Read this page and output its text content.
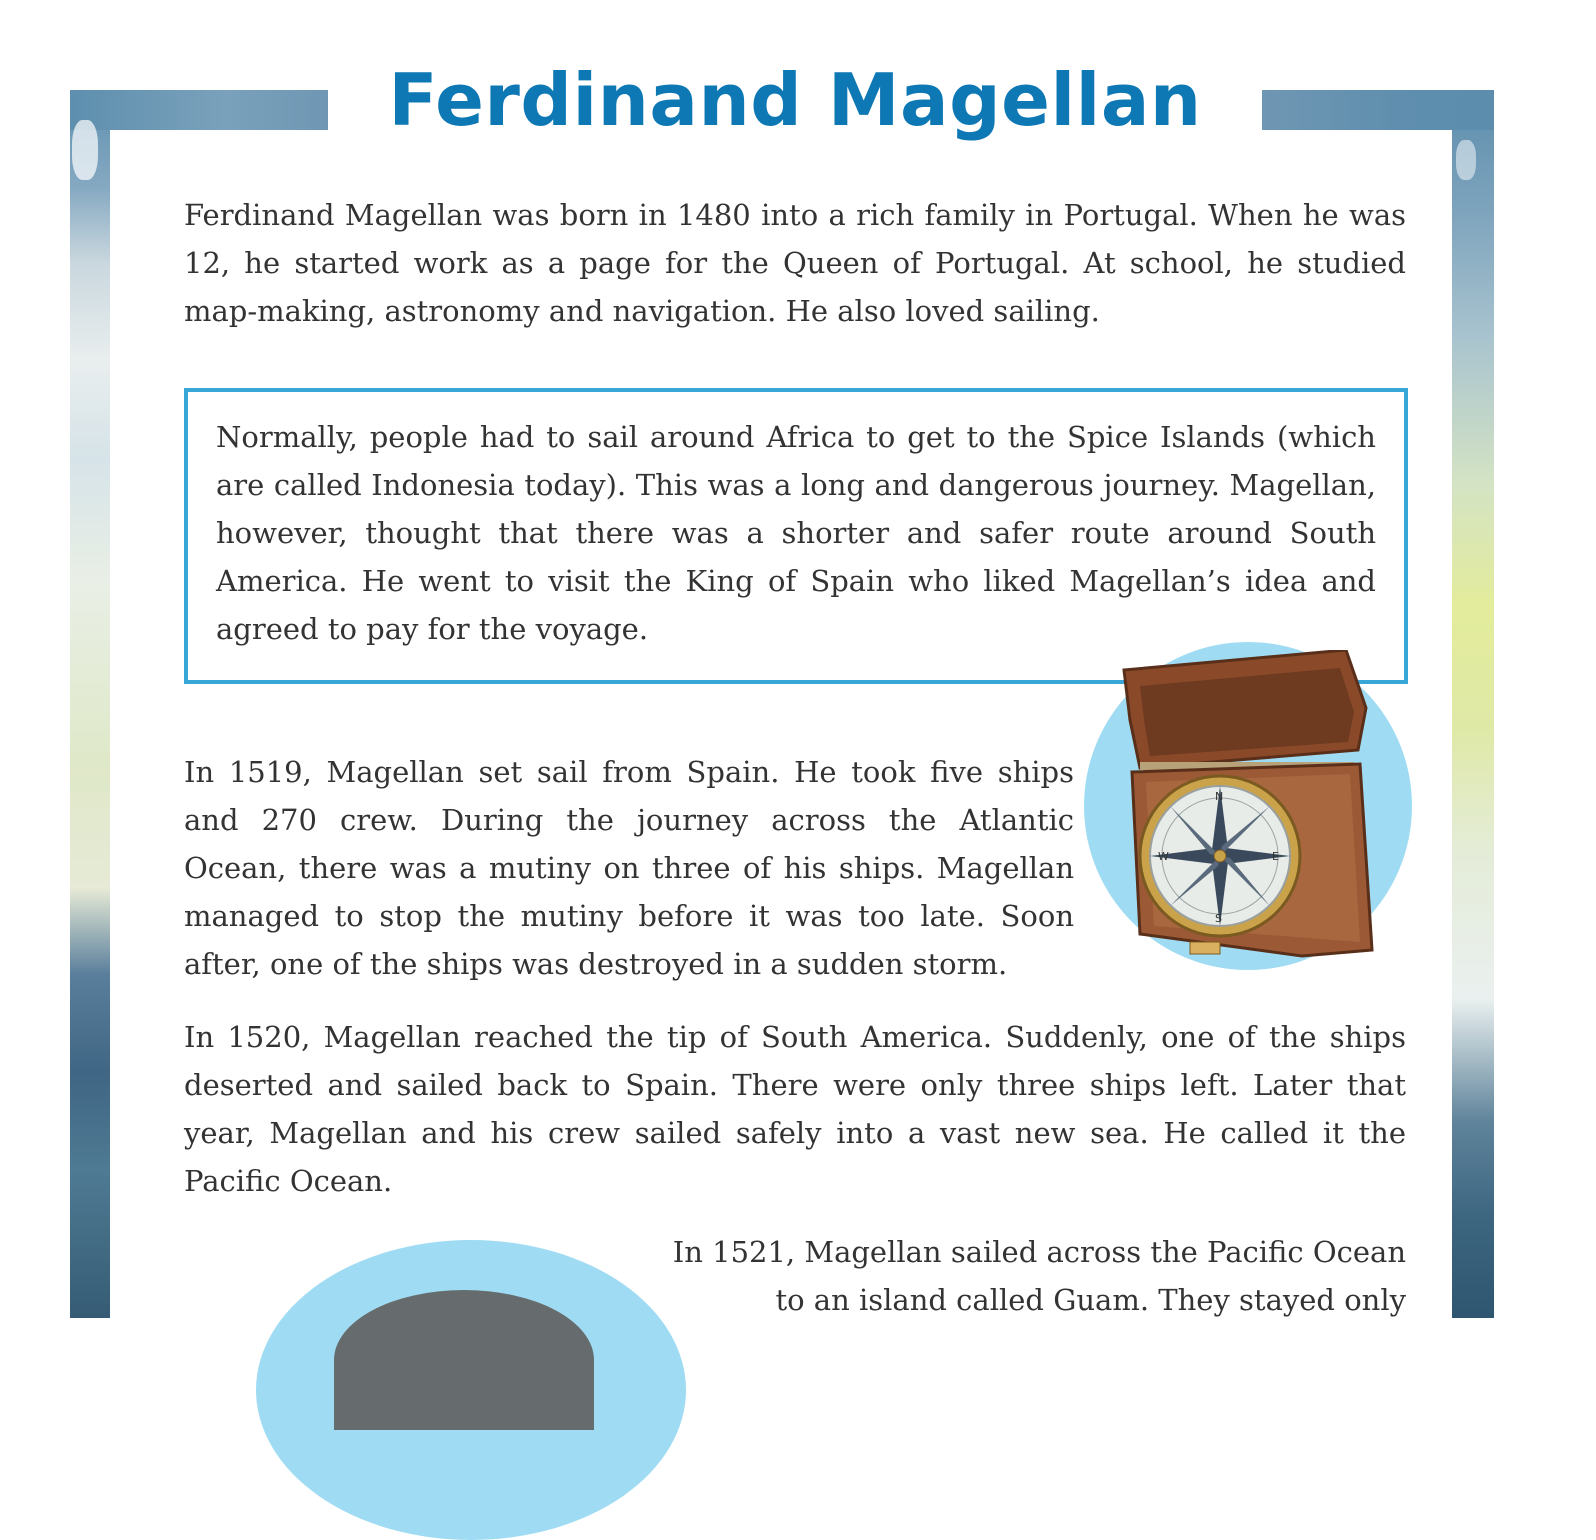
Ferdinand Magellan

Ferdinand Magellan was born in 1480 into a rich family in Portugal. When he was 12, he started work as a page for the Queen of Portugal. At school, he studied map-making, astronomy and navigation. He also loved sailing.

Normally, people had to sail around Africa to get to the Spice Islands (which are called Indonesia today). This was a long and dangerous journey. Magellan, however, thought that there was a shorter and safer route around South America. He went to visit the King of Spain who liked Magellan’s idea and agreed to pay for the voyage.

N
S
E
W

In 1519, Magellan set sail from Spain. He took five ships and 270 crew. During the journey across the Atlantic Ocean, there was a mutiny on three of his ships. Magellan managed to stop the mutiny before it was too late. Soon after, one of the ships was destroyed in a sudden storm.

In 1520, Magellan reached the tip of South America. Suddenly, one of the ships deserted and sailed back to Spain. There were only three ships left. Later that year, Magellan and his crew sailed safely into a vast new sea. He called it the Pacific Ocean.

In 1521, Magellan sailed across the Pacific Ocean to an island called Guam. They stayed only
